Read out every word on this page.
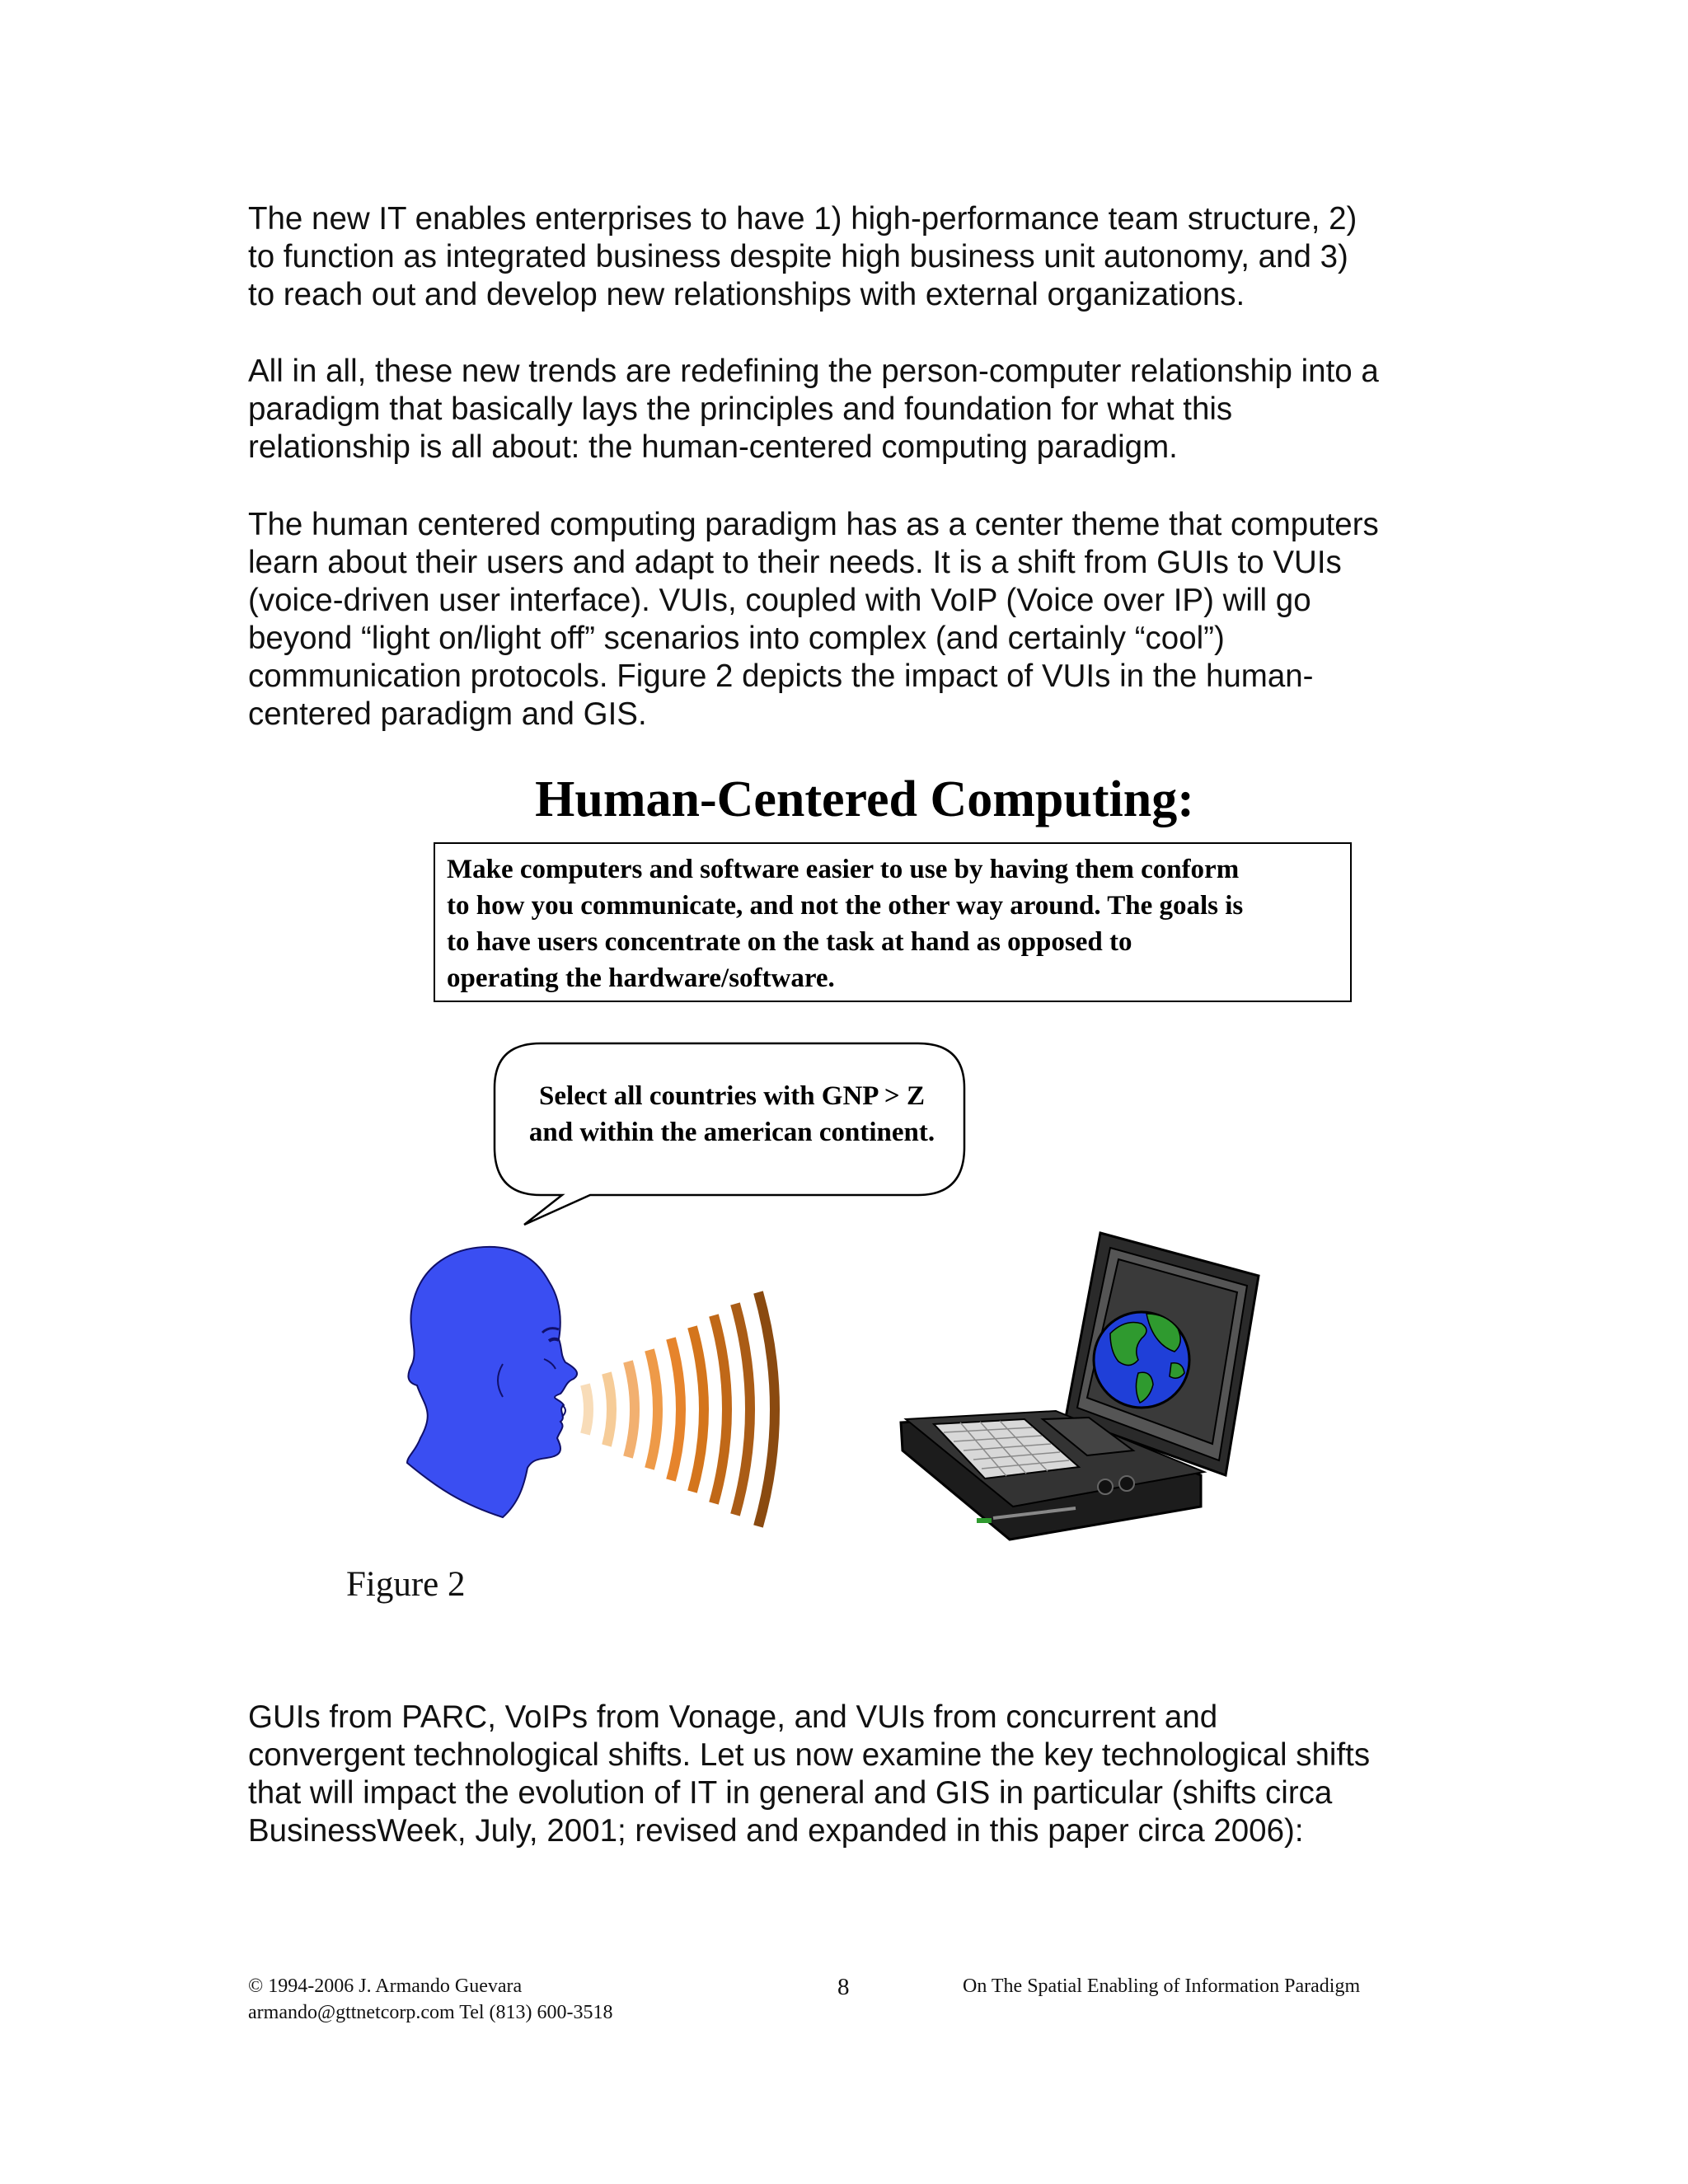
The new IT enables enterprises to have 1) high-performance team structure, 2)
to function as integrated business despite high business unit autonomy, and 3)
to reach out and develop new relationships with external organizations.

All in all, these new trends are redefining the person-computer relationship into a
paradigm that basically lays the principles and foundation for what this
relationship is all about: the human-centered computing paradigm.

The human centered computing paradigm has as a center theme that computers
learn about their users and adapt to their needs. It is a shift from GUIs to VUIs
(voice-driven user interface). VUIs, coupled with VoIP (Voice over IP) will go
beyond “light on/light off” scenarios into complex (and certainly “cool”)
communication protocols. Figure 2 depicts the impact of VUIs in the human-
centered paradigm and GIS.

Human-Centered Computing:
Make computers and software easier to use by having them conform
to how you communicate, and not the other way around. The goals is
to have users concentrate on the task at hand as opposed to
operating the hardware/software.
Select all countries with GNP > Z
and within the american continent.
Figure 2

GUIs from PARC, VoIPs from Vonage, and VUIs from concurrent and
convergent technological shifts. Let us now examine the key technological shifts
that will impact the evolution of IT in general and GIS in particular (shifts circa
BusinessWeek, July, 2001; revised and expanded in this paper circa 2006):

© 1994-2006 J. Armando Guevara
armando@gttnetcorp.com Tel (813) 600-3518
8	On The Spatial Enabling of Information Paradigm
